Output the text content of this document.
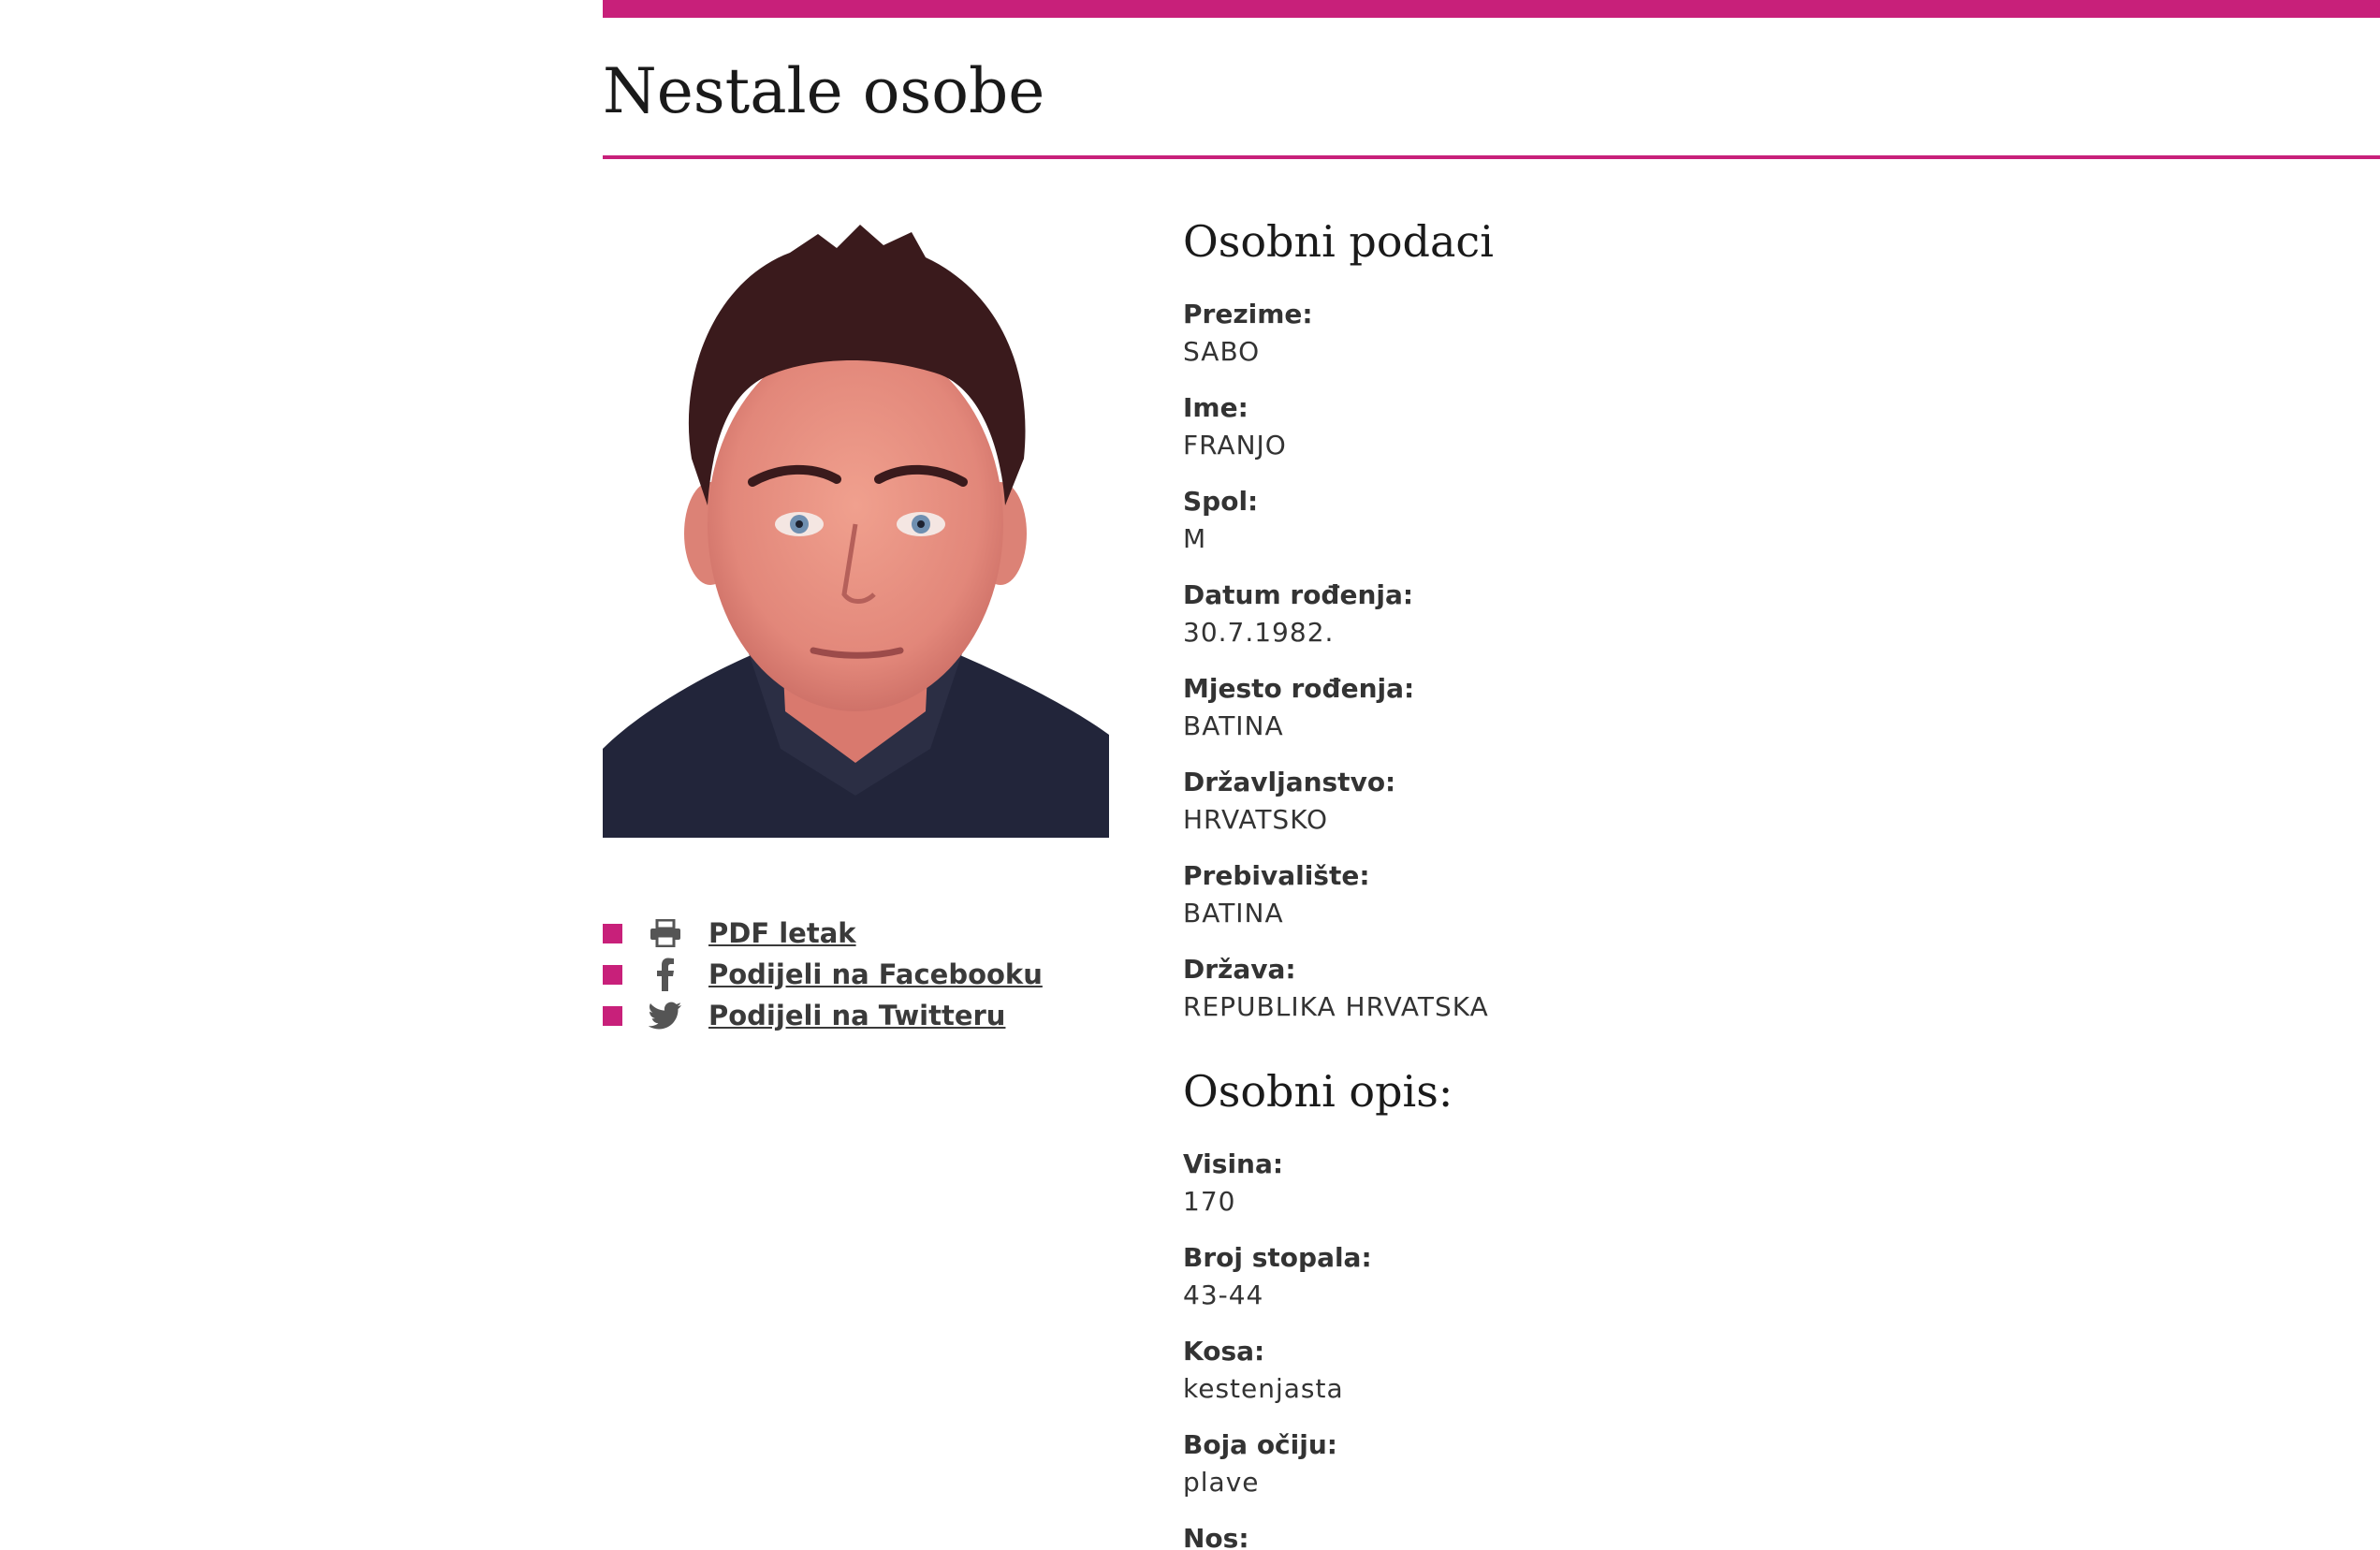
Nestale osobe
PDF letak
Podijeli na Facebooku
Podijeli na Twitteru
Osobni podaci
Prezime:
SABO
Ime:
FRANJO
Spol:
M
Datum rođenja:
30.7.1982.
Mjesto rođenja:
BATINA
Državljanstvo:
HRVATSKO
Prebivalište:
BATINA
Država:
REPUBLIKA HRVATSKA
Osobni opis:
Visina:
170
Broj stopala:
43-44
Kosa:
kestenjasta
Boja očiju:
plave
Nos:
